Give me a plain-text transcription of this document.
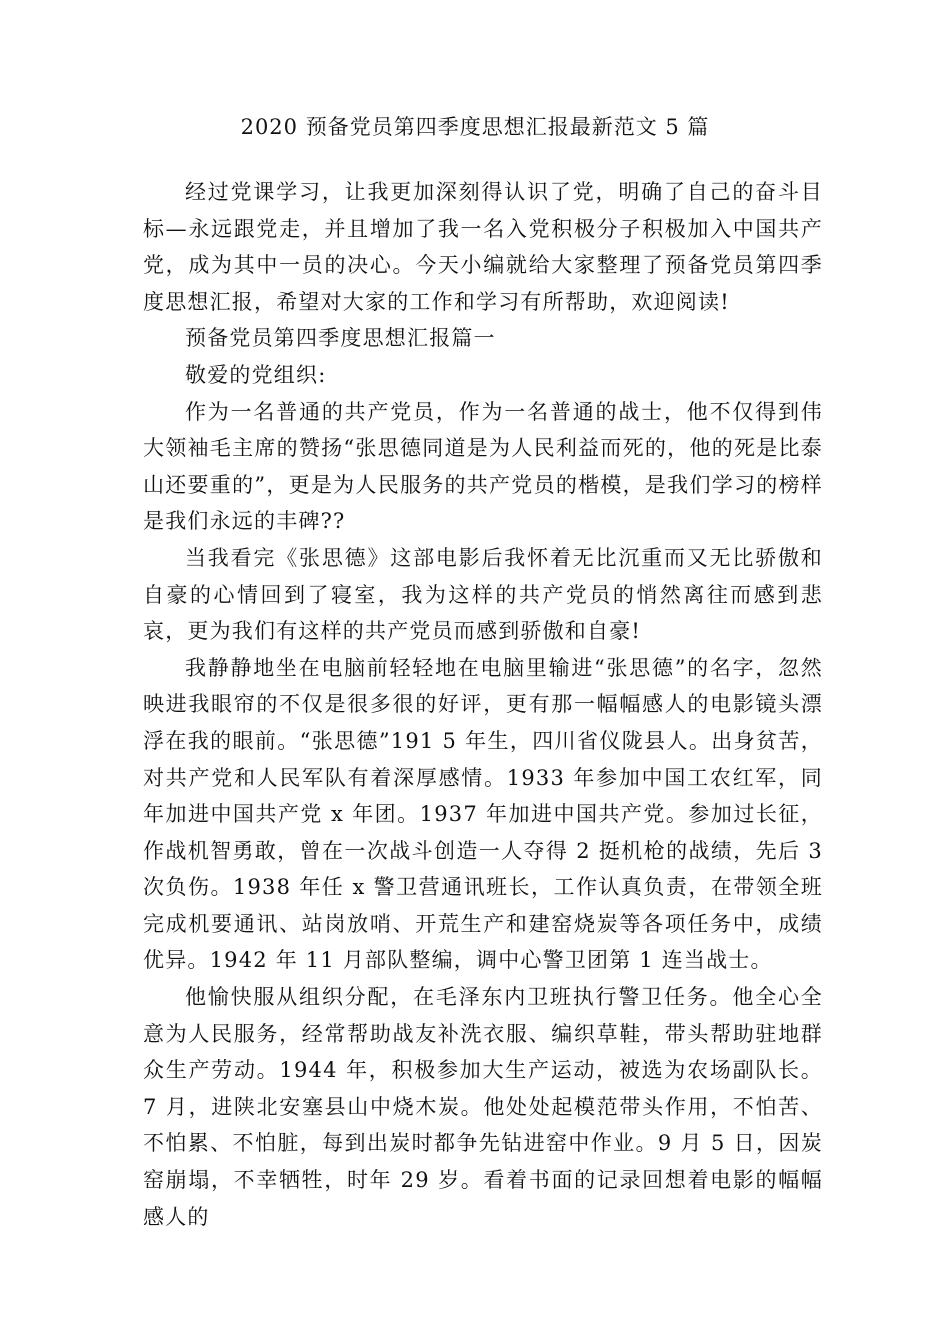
2020 预备党员第四季度思想汇报最新范文 5 篇

经过党课学习，让我更加深刻得认识了党，明确了自己的奋斗目标—永远跟党走，并且增加了我一名入党积极分子积极加入中国共产党，成为其中一员的决心。今天小编就给大家整理了预备党员第四季度思想汇报，希望对大家的工作和学习有所帮助，欢迎阅读!

预备党员第四季度思想汇报篇一

敬爱的党组织:

作为一名普通的共产党员，作为一名普通的战士，他不仅得到伟大领袖毛主席的赞扬“张思德同道是为人民利益而死的，他的死是比泰山还要重的”，更是为人民服务的共产党员的楷模，是我们学习的榜样是我们永远的丰碑??

当我看完《张思德》这部电影后我怀着无比沉重而又无比骄傲和自豪的心情回到了寝室，我为这样的共产党员的悄然离往而感到悲哀，更为我们有这样的共产党员而感到骄傲和自豪!

我静静地坐在电脑前轻轻地在电脑里输进“张思德”的名字，忽然映进我眼帘的不仅是很多很的好评，更有那一幅幅感人的电影镜头漂浮在我的眼前。“张思德”191 5 年生，四川省仪陇县人。出身贫苦，对共产党和人民军队有着深厚感情。1933 年参加中国工农红军，同年加进中国共产党 x 年团。1937 年加进中国共产党。参加过长征，作战机智勇敢，曾在一次战斗创造一人夺得 2 挺机枪的战绩，先后 3 次负伤。1938 年任 x 警卫营通讯班长，工作认真负责，在带领全班完成机要通讯、站岗放哨、开荒生产和建窑烧炭等各项任务中，成绩优异。1942 年 11 月部队整编，调中心警卫团第 1 连当战士。

他愉快服从组织分配，在毛泽东内卫班执行警卫任务。他全心全意为人民服务，经常帮助战友补洗衣服、编织草鞋，带头帮助驻地群众生产劳动。1944 年，积极参加大生产运动，被选为农场副队长。7 月，进陕北安塞县山中烧木炭。他处处起模范带头作用，不怕苦、不怕累、不怕脏，每到出炭时都争先钻进窑中作业。9 月 5 日，因炭窑崩塌，不幸牺牲，时年 29 岁。看着书面的记录回想着电影的幅幅感人的
